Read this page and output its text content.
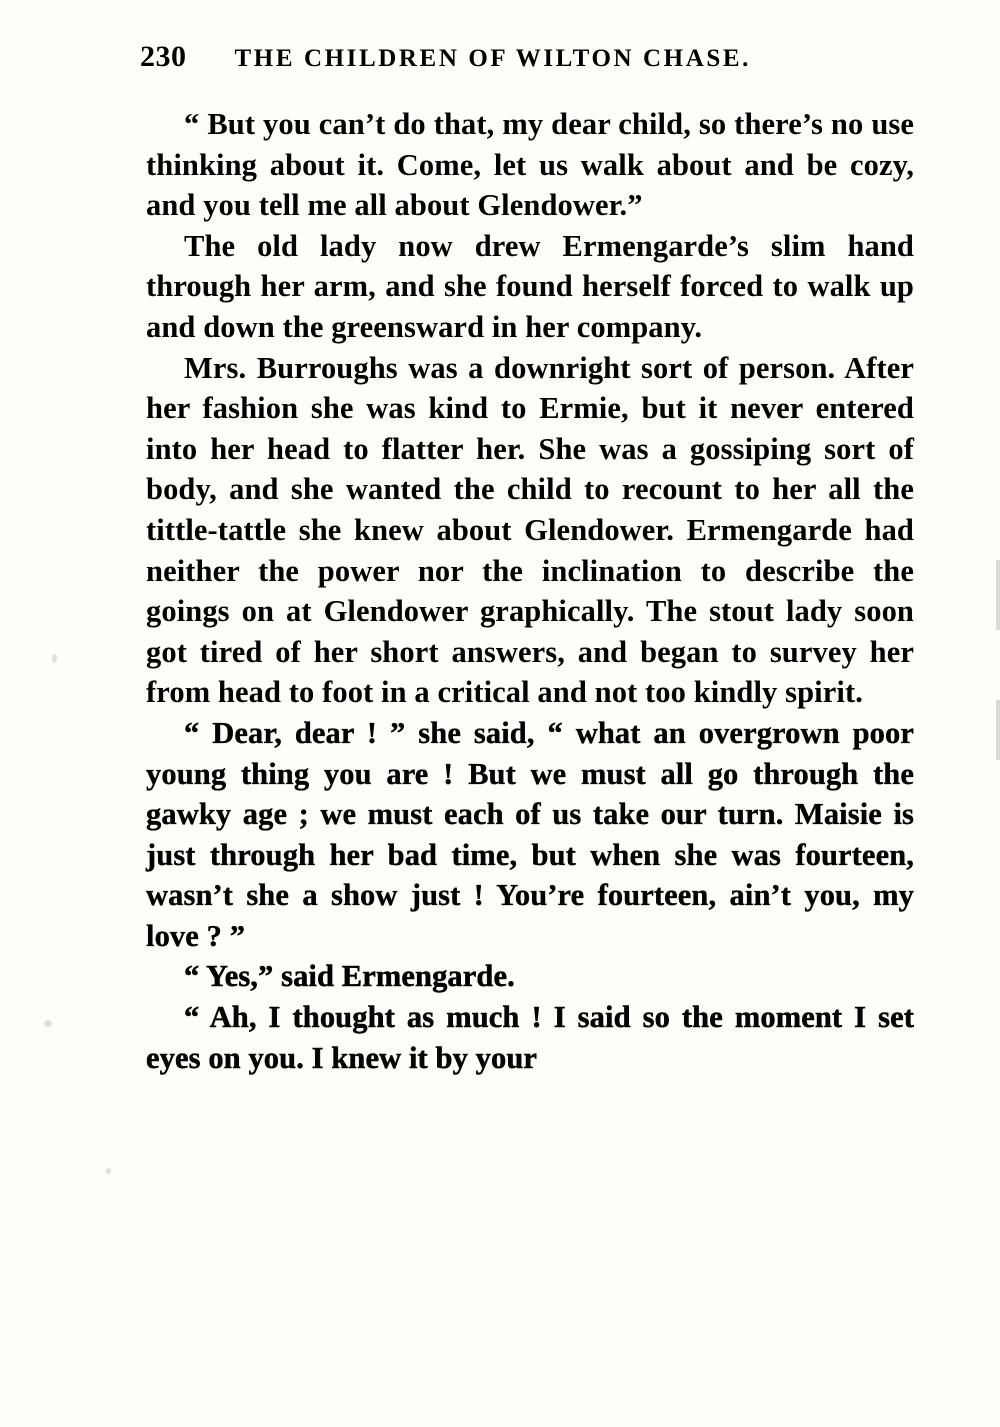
230 THE CHILDREN OF WILTON CHASE.

“ But you can’t do that, my dear child, so there’s no use thinking about it. Come, let us walk about and be cozy, and you tell me all about Glendower.”

The old lady now drew Ermengarde’s slim hand through her arm, and she found herself forced to walk up and down the greensward in her company.

Mrs. Burroughs was a downright sort of person. After her fashion she was kind to Ermie, but it never entered into her head to flatter her. She was a gossiping sort of body, and she wanted the child to recount to her all the tittle-tattle she knew about Glendower. Ermengarde had neither the power nor the inclination to describe the goings on at Glendower graphically. The stout lady soon got tired of her short answers, and began to survey her from head to foot in a critical and not too kindly spirit.

“ Dear, dear ! ” she said, “ what an overgrown poor young thing you are ! But we must all go through the gawky age ; we must each of us take our turn. Maisie is just through her bad time, but when she was fourteen, wasn’t she a show just ! You’re fourteen, ain’t you, my love ? ”

“ Yes,” said Ermengarde.

“ Ah, I thought as much ! I said so the moment I set eyes on you. I knew it by your
